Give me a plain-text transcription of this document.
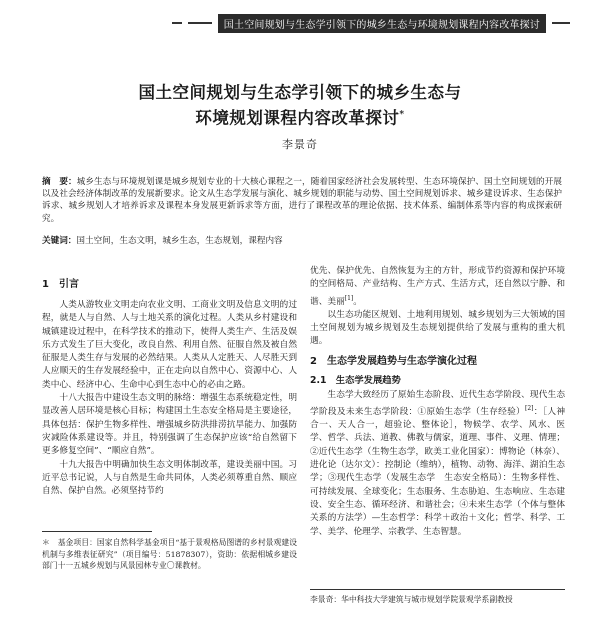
国土空间规划与生态学引领下的城乡生态与环境规划课程内容改革探讨
国土空间规划与生态学引领下的城乡生态与
环境规划课程内容改革探讨*
李景奇
摘　要：城乡生态与环境规划课是城乡规划专业的十大核心课程之一，随着国家经济社会发展转型、生态环境保护、国土空间规划的开展以及社会经济体制改革的发展新要求。论文从生态学发展与演化、城乡规划的职能与动势、国土空间规划诉求、城乡建设诉求、生态保护诉求、城乡规划人才培养诉求及课程本身发展更新诉求等方面，进行了课程改革的理论依据、技术体系、编制体系等内容的构成探索研究。
关键词：国土空间，生态文明，城乡生态，生态规划，课程内容
1　引言

人类从游牧业文明走向农业文明、工商业文明及信息文明的过程，就是人与自然、人与土地关系的演化过程。人类从乡村建设和城镇建设过程中，在科学技术的推动下，使得人类生产、生活及娱乐方式发生了巨大变化，改良自然、利用自然、征服自然及被自然征服是人类生存与发展的必然结果。人类从人定胜天、人尽胜天到人应顺天的生存发展经验中，正在走向以自然中心、资源中心、人类中心、经济中心、生命中心到生态中心的必由之路。

十八大报告中建设生态文明的脉络：增强生态系统稳定性，明显改善人居环境是核心目标；构建国土生态安全格局是主要途径，具体包括：保护生物多样性、增强城乡防洪排涝抗旱能力、加强防灾减险体系建设等。并且，特别强调了生态保护应该“给自然留下更多修复空间”、“顺应自然”。

十九大报告中明确加快生态文明体制改革，建设美丽中国。习近平总书记说，人与自然是生命共同体，人类必须尊重自然、顺应自然、保护自然。必须坚持节约

优先、保护优先、自然恢复为主的方针，形成节约资源和保护环境的空间格局、产业结构、生产方式、生活方式，还自然以宁静、和谐、美丽[1]。

以生态功能区规划、土地利用规划、城乡规划为三大领域的国土空间规划为城乡规划及生态规划提供给了发展与重构的重大机遇。

2　生态学发展趋势与生态学演化过程
2.1　生态学发展趋势

生态学大致经历了原始生态阶段、近代生态学阶段、现代生态学阶段及未来生态学阶段：①原始生态学（生存经验）[2]：［人神合一、天人合一，超验论、整体论］，物候学、农学、风水、医学、哲学、兵法、道教、佛教与儒家，道理、事件、义理、情理；②近代生态学（生物生态学，欧美工业化国家）：博物论（林奈）、进化论（达尔文）：控制论（维纳），植物、动物、海洋、湖泊生态学；③现代生态学（发展生态学　生态安全格局）：生物多样性、可持续发展、全球变化；生态服务、生态胁迫、生态响应、生态建设、安全生态、循环经济、和谐社会；④未来生态学（个体与整体关系的方法学）—生态哲学：科学＋政治＋文化；哲学、科学、工学、美学、伦理学、宗教学、生态智慧。

＊　基金项目：国家自然科学基金项目“基于景观格局图谱的乡村景观建设机制与多维表征研究”（项目编号：51878307），资助：依据相城乡建设部门十一五城乡规划与风景园林专业〇课教材。
李景奇：华中科技大学建筑与城市规划学院景观学系副教授
